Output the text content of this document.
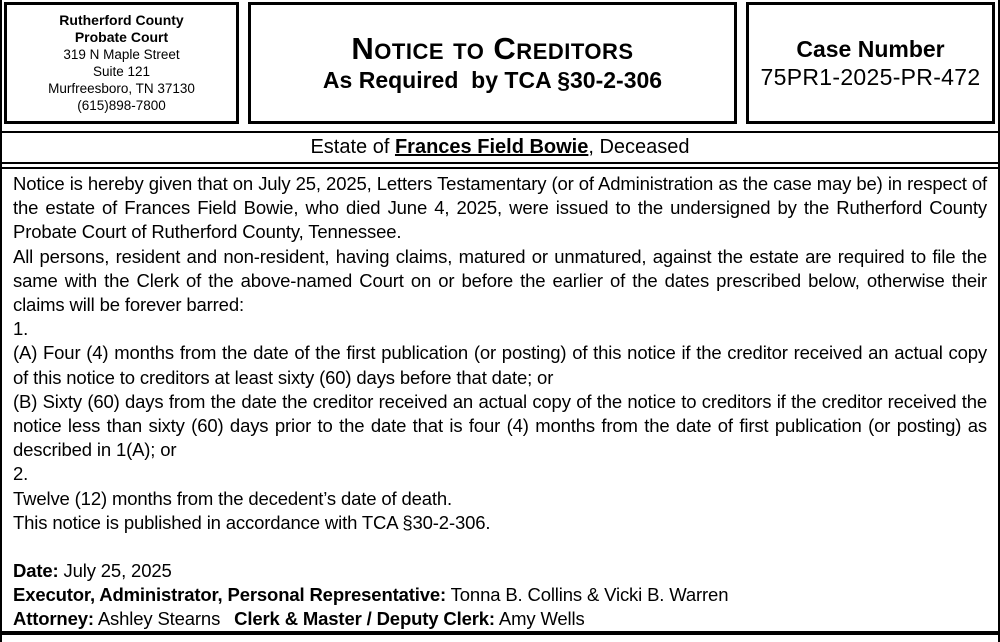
Rutherford County
Probate Court
319 N Maple Street
Suite 121
Murfreesboro, TN 37130
(615)898-7800
Notice to Creditors
As Required  by TCA §30-2-306
Case Number
75PR1-2025-PR-472
Estate of Frances Field Bowie , Deceased

Notice is hereby given that on July 25, 2025, Letters Testamentary (or of Administration as the case may be) in respect of the estate of Frances Field Bowie, who died June 4, 2025, were issued to the undersigned by the Rutherford County Probate Court of Rutherford County, Tennessee.

All persons, resident and non-resident, having claims, matured or unmatured, against the estate are required to file the same with the Clerk of the above-named Court on or before the earlier of the dates prescribed below, otherwise their claims will be forever barred:

1.

(A) Four (4) months from the date of the first publication (or posting) of this notice if the creditor received an actual copy of this notice to creditors at least sixty (60) days before that date; or

(B) Sixty (60) days from the date the creditor received an actual copy of the notice to creditors if the creditor received the notice less than sixty (60) days prior to the date that is four (4) months from the date of first publication (or posting) as described in 1(A); or

2.

Twelve (12) months from the decedent’s date of death.

This notice is published in accordance with TCA §30-2-306.

Date: July 25, 2025
Executor, Administrator, Personal Representative: Tonna B. Collins & Vicki B. Warren
Attorney: Ashley Stearns Clerk & Master / Deputy Clerk: Amy Wells
